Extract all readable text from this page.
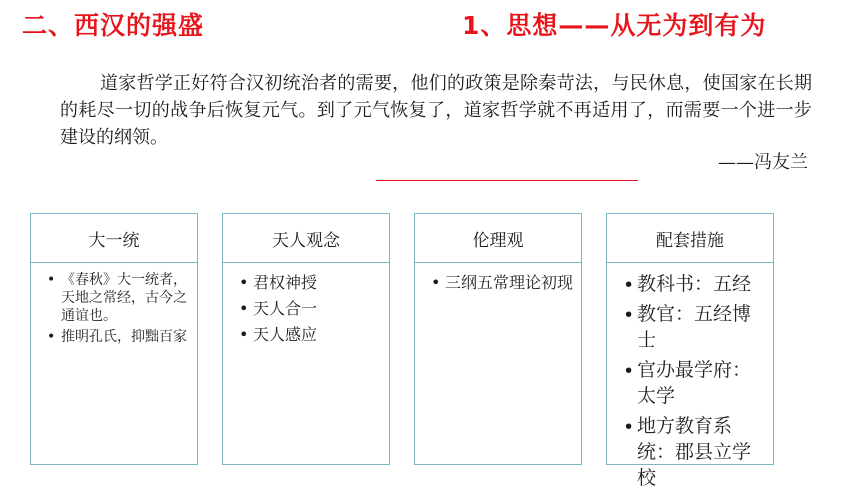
二、西汉的强盛	1、思想——从无为到有为
道家哲学正好符合汉初统治者的需要，他们的政策是除秦苛法，与民休息，使国家在长期的耗尽一切的战争后恢复元气。到了元气恢复了，道家哲学就不再适用了，而需要一个进一步建设的纲领。
——冯友兰
大一统
• 《春秋》大一统者，天地之常经，古今之通谊也。
• 推明孔氏，抑黜百家
天人观念
• 君权神授
• 天人合一
• 天人感应
伦理观
• 三纲五常理论初现
配套措施
• 教科书：五经
• 教官：五经博士
• 官办最学府：太学
• 地方教育系统：郡县立学校
